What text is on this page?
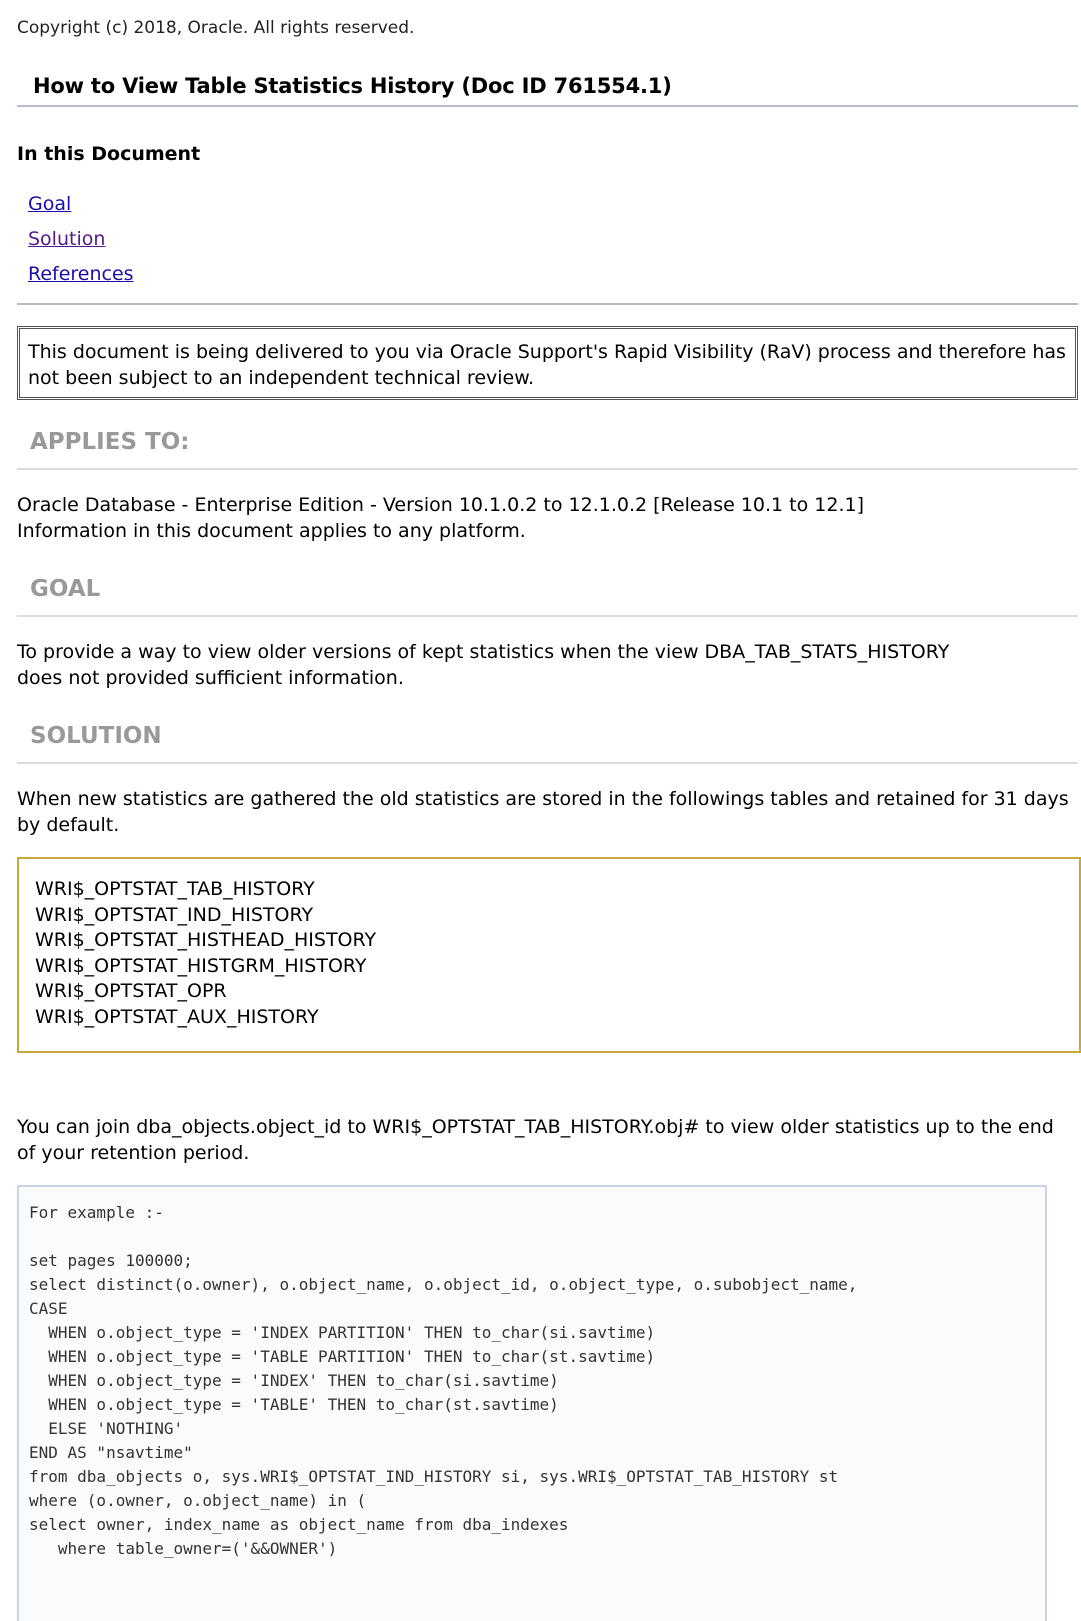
Copyright (c) 2018, Oracle. All rights reserved.
How to View Table Statistics History (Doc ID 761554.1)
In this Document
Goal
Solution
References
This document is being delivered to you via Oracle Support's Rapid Visibility (RaV) process and therefore has not been subject to an independent technical review.
APPLIES TO:
Oracle Database - Enterprise Edition - Version 10.1.0.2 to 12.1.0.2 [Release 10.1 to 12.1]
Information in this document applies to any platform.
GOAL
To provide a way to view older versions of kept statistics when the view DBA_TAB_STATS_HISTORY does not provided sufficient information.
SOLUTION
When new statistics are gathered the old statistics are stored in the followings tables and retained for 31 days by default.
WRI$_OPTSTAT_TAB_HISTORY
WRI$_OPTSTAT_IND_HISTORY
WRI$_OPTSTAT_HISTHEAD_HISTORY
WRI$_OPTSTAT_HISTGRM_HISTORY
WRI$_OPTSTAT_OPR
WRI$_OPTSTAT_AUX_HISTORY
You can join dba_objects.object_id to WRI$_OPTSTAT_TAB_HISTORY.obj# to view older statistics up to the end of your retention period.
For example :-

set pages 100000;
select distinct(o.owner), o.object_name, o.object_id, o.object_type, o.subobject_name,
CASE
WHEN o.object_type = 'INDEX PARTITION' THEN to_char(si.savtime)
WHEN o.object_type = 'TABLE PARTITION' THEN to_char(st.savtime)
WHEN o.object_type = 'INDEX' THEN to_char(si.savtime)
WHEN o.object_type = 'TABLE' THEN to_char(st.savtime)
ELSE 'NOTHING'
END AS "nsavtime"
from dba_objects o, sys.WRI$_OPTSTAT_IND_HISTORY si, sys.WRI$_OPTSTAT_TAB_HISTORY st
where (o.owner, o.object_name) in (
select owner, index_name as object_name from dba_indexes
where table_owner=('&&OWNER')
